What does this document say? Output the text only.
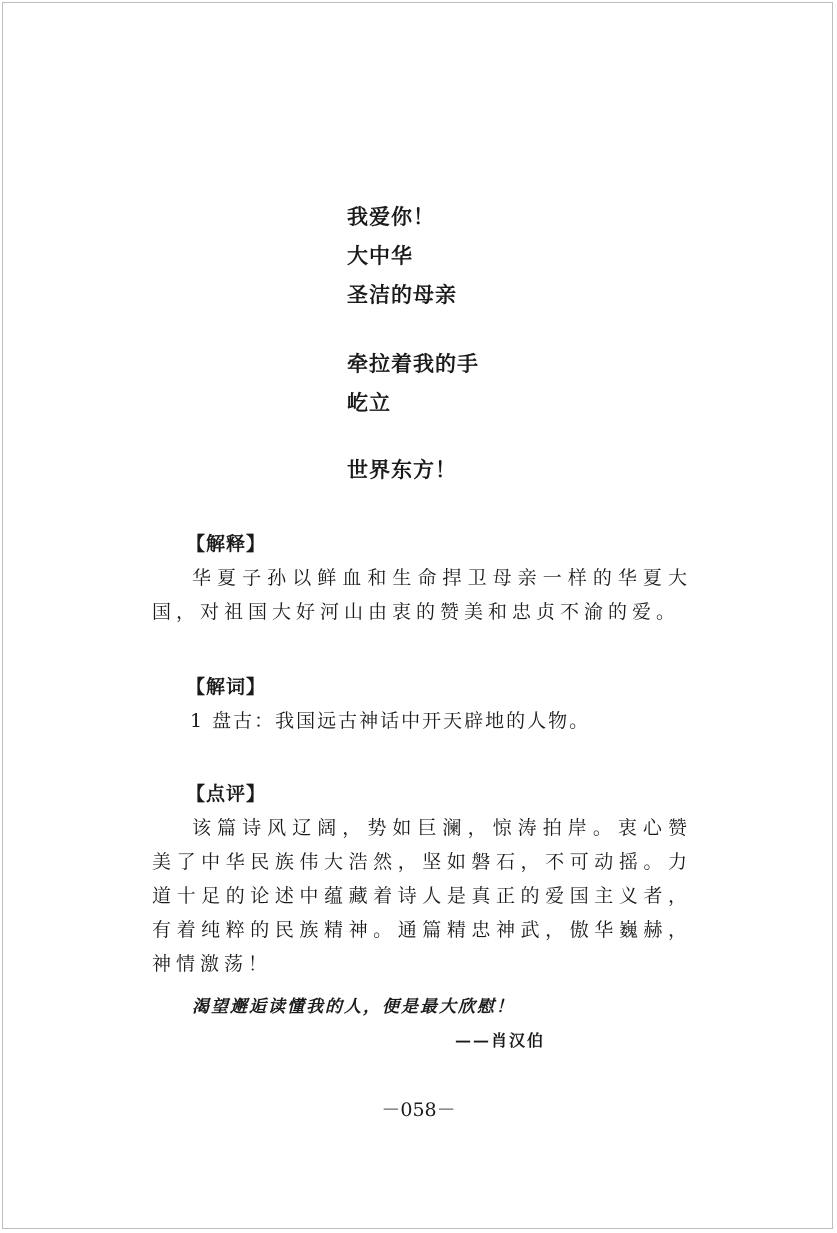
我爱你！
大中华
圣洁的母亲
牵拉着我的手
屹立
世界东方！
【解释】
华夏子孙以鲜血和生命捍卫母亲一样的华夏大国，对祖国大好河山由衷的赞美和忠贞不渝的爱。
【解词】
1 盘古：我国远古神话中开天辟地的人物。
【点评】
该篇诗风辽阔，势如巨澜，惊涛拍岸。衷心赞美了中华民族伟大浩然，坚如磐石，不可动摇。力道十足的论述中蕴藏着诗人是真正的爱国主义者，有着纯粹的民族精神。通篇精忠神武，傲华巍赫，神情激荡！
渴望邂逅读懂我的人，便是最大欣慰！
——肖汉伯
－058－
